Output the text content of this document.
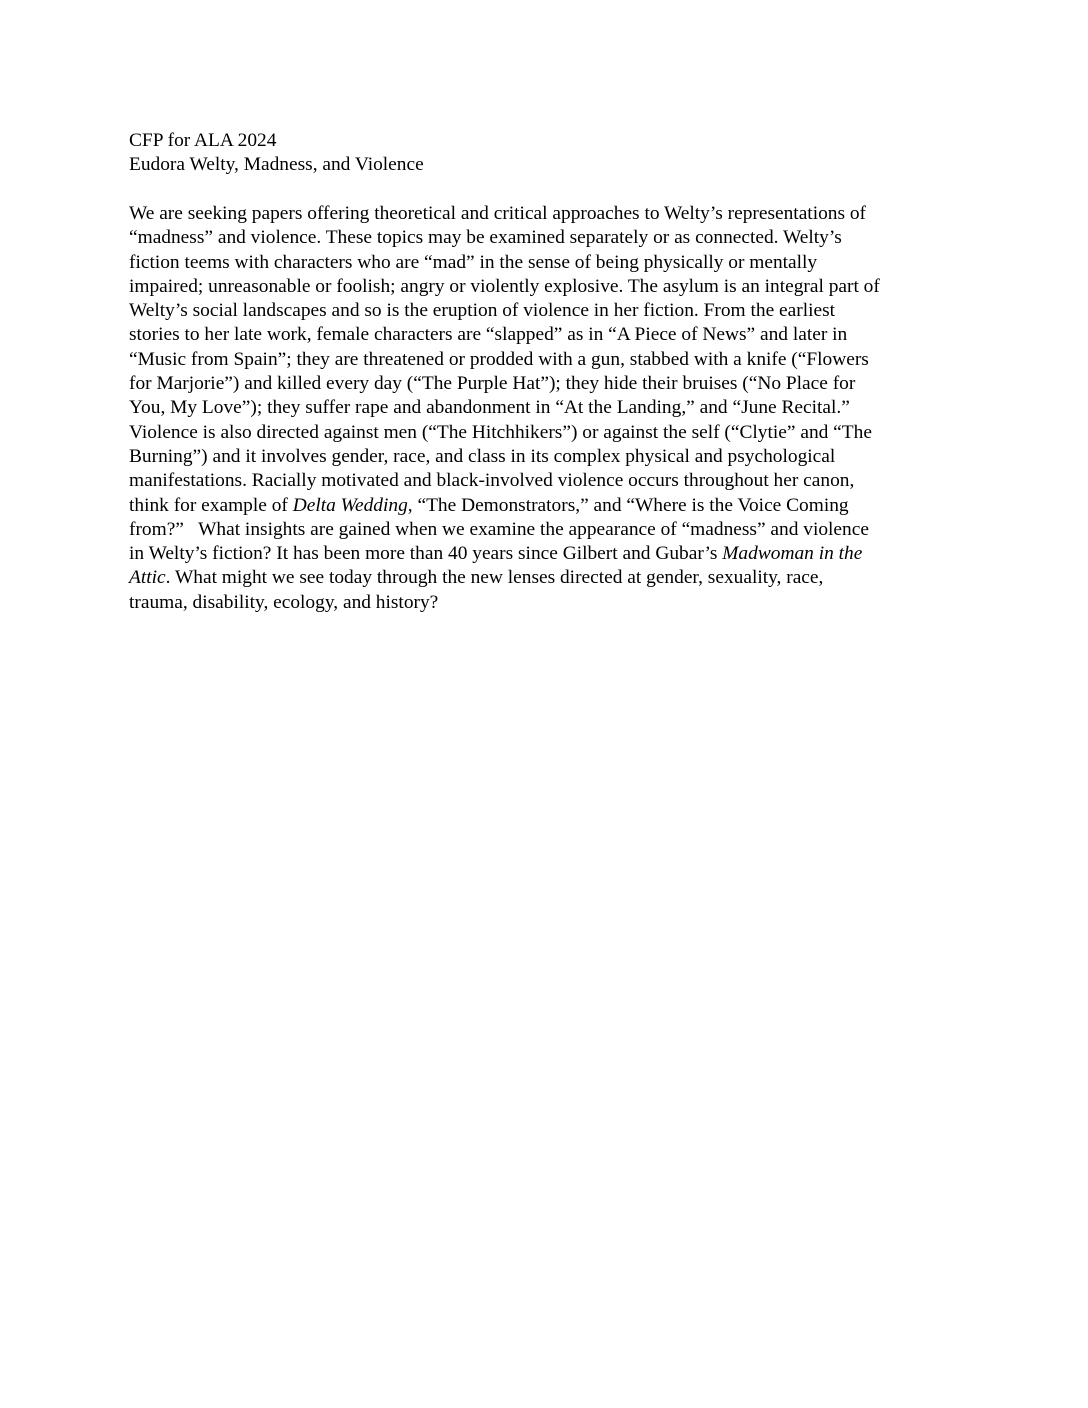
CFP for ALA 2024
Eudora Welty, Madness, and Violence
We are seeking papers offering theoretical and critical approaches to Welty’s representations of
“madness” and violence. These topics may be examined separately or as connected. Welty’s
fiction teems with characters who are “mad” in the sense of being physically or mentally
impaired; unreasonable or foolish; angry or violently explosive. The asylum is an integral part of
Welty’s social landscapes and so is the eruption of violence in her fiction. From the earliest
stories to her late work, female characters are “slapped” as in “A Piece of News” and later in
“Music from Spain”; they are threatened or prodded with a gun, stabbed with a knife (“Flowers
for Marjorie”) and killed every day (“The Purple Hat”); they hide their bruises (“No Place for
You, My Love”); they suffer rape and abandonment in “At the Landing,” and “June Recital.”
Violence is also directed against men (“The Hitchhikers”) or against the self (“Clytie” and “The
Burning”) and it involves gender, race, and class in its complex physical and psychological
manifestations. Racially motivated and black-involved violence occurs throughout her canon,
think for example of Delta Wedding, “The Demonstrators,” and “Where is the Voice Coming
from?”   What insights are gained when we examine the appearance of “madness” and violence
in Welty’s fiction? It has been more than 40 years since Gilbert and Gubar’s Madwoman in the
Attic. What might we see today through the new lenses directed at gender, sexuality, race,
trauma, disability, ecology, and history?
